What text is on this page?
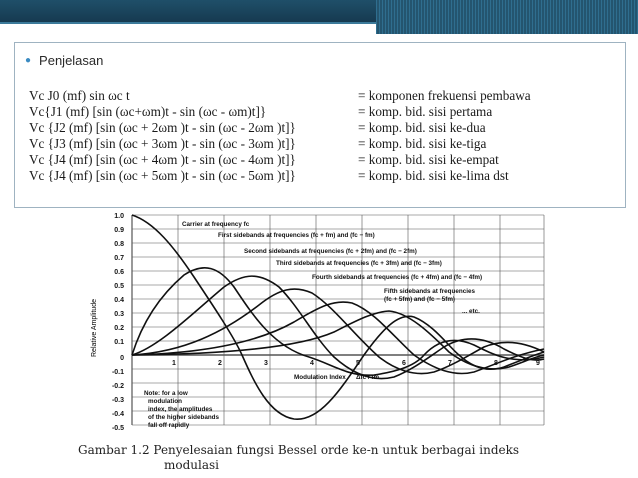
● Penjelasan
Vc J0 (mf) sin ωc t	= komponen frekuensi pembawa
Vc{J1 (mf) [sin (ωc+ωm)t - sin (ωc - ωm)t]}	= komp. bid. sisi pertama
Vc {J2 (mf) [sin (ωc + 2ωm )t - sin (ωc - 2ωm )t]}	= komp. bid. sisi ke-dua
Vc {J3 (mf) [sin (ωc + 3ωm )t - sin (ωc - 3ωm )t]}	= komp. bid. sisi ke-tiga
Vc {J4 (mf) [sin (ωc + 4ωm )t - sin (ωc - 4ωm )t]}	= komp. bid. sisi ke-empat
Vc {J4 (mf) [sin (ωc + 5ωm )t - sin (ωc - 5ωm )t]}	= komp. bid. sisi ke-lima dst
1.0
0.9
0.8
0.7
0.6
0.5
0.4
0.3
0.2
0.1
0
-0.1
-0.2
-0.3
-0.4
-0.5
Relative Amplitude
1	2	3	4	5	6	7	8	9
Carrier at frequency fc
First sidebands at frequencies (fc + fm) and (fc − fm)
Second sidebands at frequencies (fc + 2fm) and (fc − 2fm)
Third sidebands at frequencies (fc + 3fm) and (fc − 3fm)
Fourth sidebands at frequencies (fc + 4fm) and (fc − 4fm)
Fifth sidebands at frequencies
(fc + 5fm) and (fc − 5fm)
... etc.
Modulation Index Δfc / fm
Note: for a low
modulation
index, the amplitudes
of the higher sidebands
fall off rapidly
Gambar 1.2 Penyelesaian fungsi Bessel orde ke-n untuk berbagai indeks
modulasi
